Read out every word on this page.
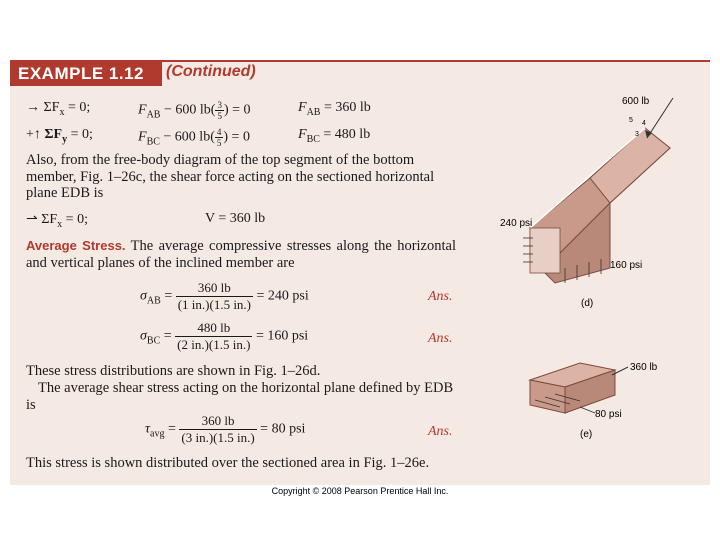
EXAMPLE 1.12	(Continued)
→ $\Sigma F_x = 0$;	$F_{AB} - 600$ $lb( \frac{3}{5}$ ) = 0	$F_{AB} = 360$ lb
+↑ $\Sigma F_y = 0$;	$F_{BC} - 600$ $lb( \frac{4}{5}$ ) = 0	$F_{BC} = 480$ lb
Also, from the free-body diagram of the top segment of the bottom member, Fig. 1–26c, the shear force acting on the sectioned horizontal plane EDB is
⇀ $\Sigma F_x = 0$;	V = 360 lb
Average Stress. The average compressive stresses along the horizontal and vertical planes of the inclined member are
$\sigma_{AB} = \frac{360 lb}{(1 in.)(1.5 in.)} = 240$ psi	Ans.
$\sigma_{BC} = \frac{480 lb}{(2 in.)(1.5 in.)} = 160$ psi	Ans.
These stress distributions are shown in Fig. 1–26d.
The average shear stress acting on the horizontal plane defined by EDB is
$\tau_{avg} = \frac{360 lb}{(3 in.)(1.5 in.)} = 80$ psi	Ans.
This stress is shown distributed over the sectioned area in Fig. 1–26e.
600 lb
4
5
3
240 psi
160 psi
(d)
360 lb
80 psi
(e)
Copyright © 2008 Pearson Prentice Hall Inc.
